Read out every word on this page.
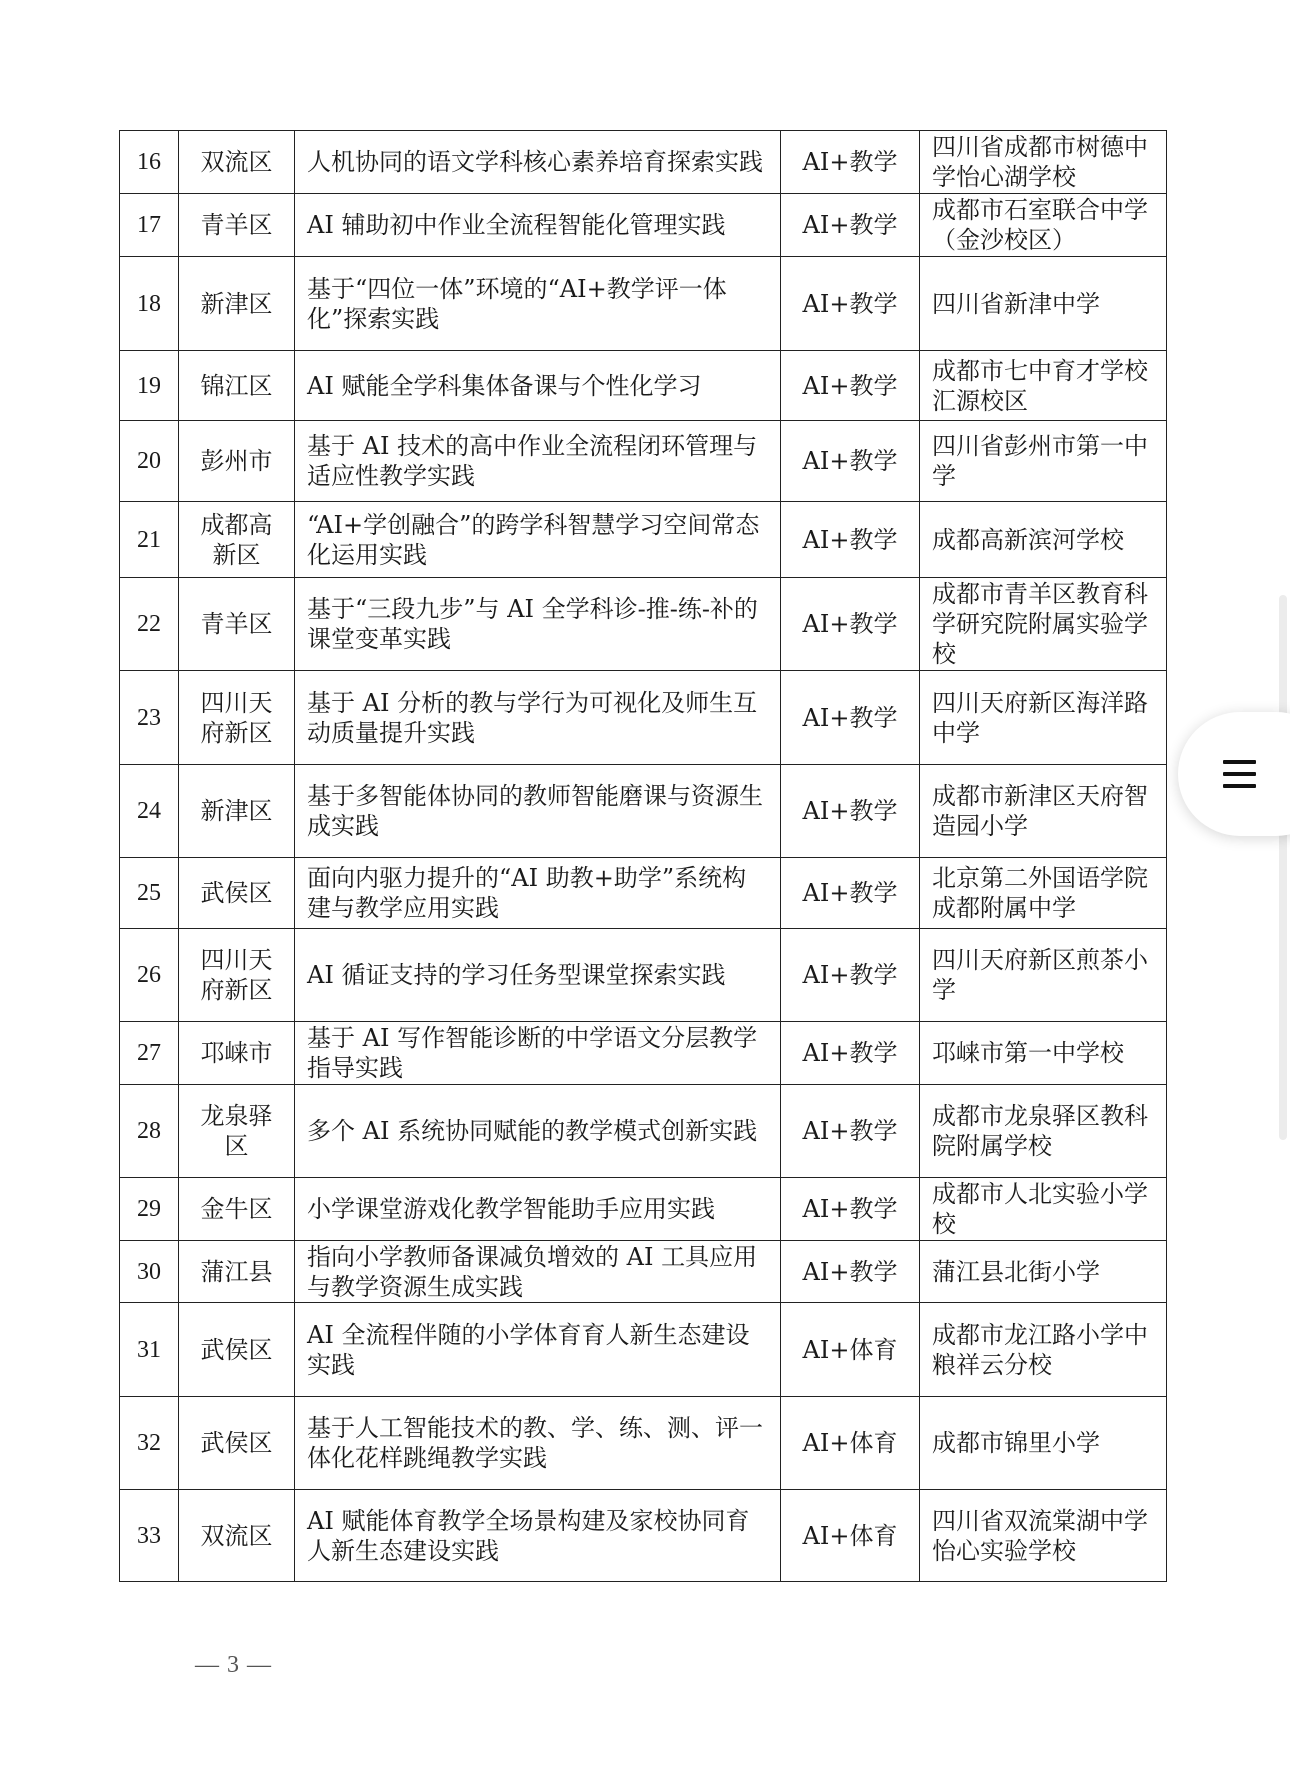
16	双流区	人机协同的语文学科核心素养培育探索实践	AI+教学	四川省成都市树德中学怡心湖学校
17	青羊区	AI 辅助初中作业全流程智能化管理实践	AI+教学	成都市石室联合中学（金沙校区）
18	新津区	基于“四位一体”环境的“AI+教学评一体化”探索实践	AI+教学	四川省新津中学
19	锦江区	AI 赋能全学科集体备课与个性化学习	AI+教学	成都市七中育才学校汇源校区
20	彭州市	基于 AI 技术的高中作业全流程闭环管理与适应性教学实践	AI+教学	四川省彭州市第一中学
21	成都高新区	“AI+学创融合”的跨学科智慧学习空间常态化运用实践	AI+教学	成都高新滨河学校
22	青羊区	基于“三段九步”与 AI 全学科诊-推-练-补的课堂变革实践	AI+教学	成都市青羊区教育科学研究院附属实验学校
23	四川天府新区	基于 AI 分析的教与学行为可视化及师生互动质量提升实践	AI+教学	四川天府新区海洋路中学
24	新津区	基于多智能体协同的教师智能磨课与资源生成实践	AI+教学	成都市新津区天府智造园小学
25	武侯区	面向内驱力提升的“AI 助教+助学”系统构建与教学应用实践	AI+教学	北京第二外国语学院成都附属中学
26	四川天府新区	AI 循证支持的学习任务型课堂探索实践	AI+教学	四川天府新区煎茶小学
27	邛崃市	基于 AI 写作智能诊断的中学语文分层教学指导实践	AI+教学	邛崃市第一中学校
28	龙泉驿区	多个 AI 系统协同赋能的教学模式创新实践	AI+教学	成都市龙泉驿区教科院附属学校
29	金牛区	小学课堂游戏化教学智能助手应用实践	AI+教学	成都市人北实验小学校
30	蒲江县	指向小学教师备课减负增效的 AI 工具应用与教学资源生成实践	AI+教学	蒲江县北街小学
31	武侯区	AI 全流程伴随的小学体育育人新生态建设实践	AI+体育	成都市龙江路小学中粮祥云分校
32	武侯区	基于人工智能技术的教、学、练、测、评一体化花样跳绳教学实践	AI+体育	成都市锦里小学
33	双流区	AI 赋能体育教学全场景构建及家校协同育人新生态建设实践	AI+体育	四川省双流棠湖中学怡心实验学校
— 3 —
